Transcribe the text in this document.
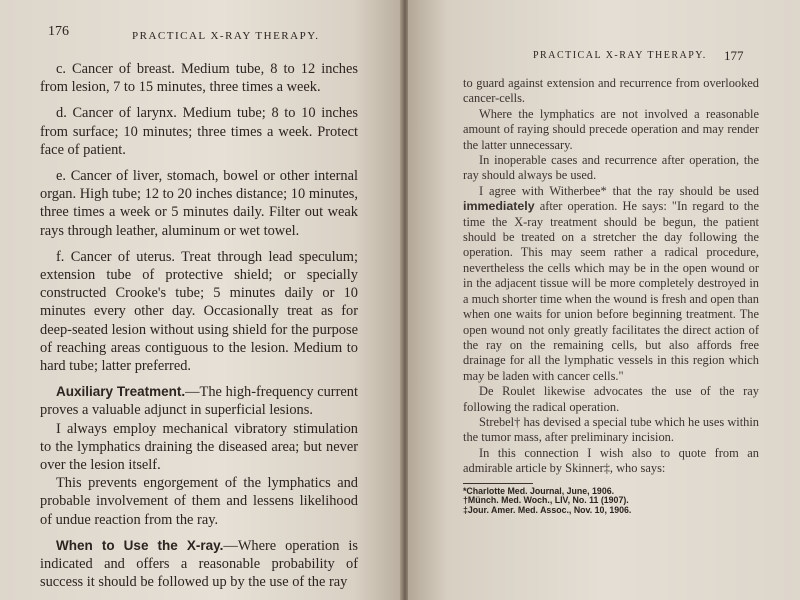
176	PRACTICAL X-RAY THERAPY.

c. Cancer of breast. Medium tube, 8 to 12 inches from lesion, 7 to 15 minutes, three times a week.

d. Cancer of larynx. Medium tube; 8 to 10 inches from surface; 10 minutes; three times a week. Protect face of patient.

e. Cancer of liver, stomach, bowel or other internal organ. High tube; 12 to 20 inches distance; 10 minutes, three times a week or 5 minutes daily. Filter out weak rays through leather, aluminum or wet towel.

f. Cancer of uterus. Treat through lead speculum; extension tube of protective shield; or specially constructed Crooke's tube; 5 minutes daily or 10 minutes every other day. Occasionally treat as for deep-seated lesion without using shield for the purpose of reaching areas contiguous to the lesion. Medium to hard tube; latter preferred.

Auxiliary Treatment.—The high-frequency current proves a valuable adjunct in superficial lesions.

I always employ mechanical vibratory stimulation to the lymphatics draining the diseased area; but never over the lesion itself.

This prevents engorgement of the lymphatics and probable involvement of them and lessens likelihood of undue reaction from the ray.

When to Use the X-ray.—Where operation is indicated and offers a reasonable probability of success it should be followed up by the use of the ray

PRACTICAL X-RAY THERAPY. 177

to guard against extension and recurrence from overlooked cancer-cells.

Where the lymphatics are not involved a reasonable amount of raying should precede operation and may render the latter unnecessary.

In inoperable cases and recurrence after operation, the ray should always be used.

I agree with Witherbee* that the ray should be used immediately after operation. He says: "In regard to the time the X-ray treatment should be begun, the patient should be treated on a stretcher the day following the operation. This may seem rather a radical procedure, nevertheless the cells which may be in the open wound or in the adjacent tissue will be more completely destroyed in a much shorter time when the wound is fresh and open than when one waits for union before beginning treatment. The open wound not only greatly facilitates the direct action of the ray on the remaining cells, but also affords free drainage for all the lymphatic vessels in this region which may be laden with cancer cells."

De Roulet likewise advocates the use of the ray following the radical operation.

Strebel† has devised a special tube which he uses within the tumor mass, after preliminary incision.

In this connection I wish also to quote from an admirable article by Skinner‡, who says:

*Charlotte Med. Journal, June, 1906.
†Münch. Med. Woch., LIV, No. 11 (1907).
‡Jour. Amer. Med. Assoc., Nov. 10, 1906.
